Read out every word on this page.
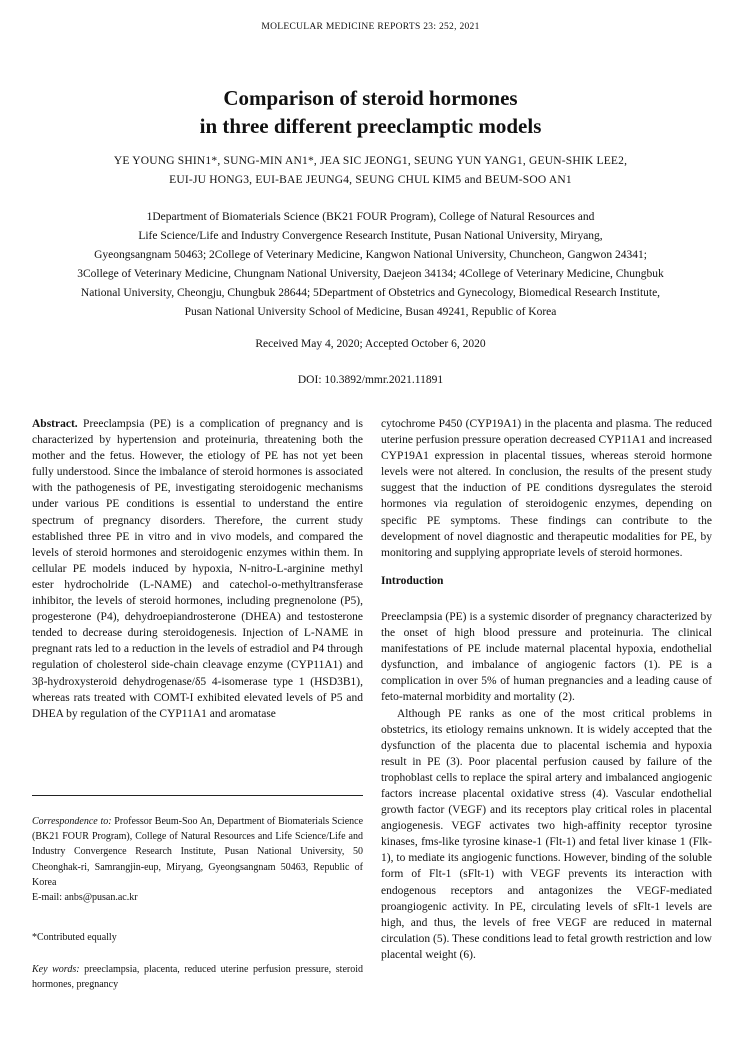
MOLECULAR MEDICINE REPORTS 23: 252, 2021
Comparison of steroid hormones
in three different preeclamptic models
YE YOUNG SHIN1*, SUNG-MIN AN1*, JEA SIC JEONG1, SEUNG YUN YANG1, GEUN-SHIK LEE2,
EUI-JU HONG3, EUI-BAE JEUNG4, SEUNG CHUL KIM5 and BEUM-SOO AN1
1Department of Biomaterials Science (BK21 FOUR Program), College of Natural Resources and
Life Science/Life and Industry Convergence Research Institute, Pusan National University, Miryang,
Gyeongsangnam 50463; 2College of Veterinary Medicine, Kangwon National University, Chuncheon, Gangwon 24341;
3College of Veterinary Medicine, Chungnam National University, Daejeon 34134; 4College of Veterinary Medicine, Chungbuk
National University, Cheongju, Chungbuk 28644; 5Department of Obstetrics and Gynecology, Biomedical Research Institute,
Pusan National University School of Medicine, Busan 49241, Republic of Korea
Received May 4, 2020; Accepted October 6, 2020
DOI: 10.3892/mmr.2021.11891

Abstract. Preeclampsia (PE) is a complication of pregnancy and is characterized by hypertension and proteinuria, threatening both the mother and the fetus. However, the etiology of PE has not yet been fully understood. Since the imbalance of steroid hormones is associated with the pathogenesis of PE, investigating steroidogenic mechanisms under various PE conditions is essential to understand the entire spectrum of pregnancy disorders. Therefore, the current study established three PE in vitro and in vivo models, and compared the levels of steroid hormones and steroidogenic enzymes within them. In cellular PE models induced by hypoxia, N-nitro-L-arginine methyl ester hydrocholride (L-NAME) and catechol-o-methyltransferase inhibitor, the levels of steroid hormones, including pregnenolone (P5), progesterone (P4), dehydroepiandrosterone (DHEA) and testosterone tended to decrease during steroidogenesis. Injection of L-NAME in pregnant rats led to a reduction in the levels of estradiol and P4 through regulation of cholesterol side-chain cleavage enzyme (CYP11A1) and 3β-hydroxysteroid dehydrogenase/δ5 4-isomerase type 1 (HSD3B1), whereas rats treated with COMT-I exhibited elevated levels of P5 and DHEA by regulation of the CYP11A1 and aromatase

cytochrome P450 (CYP19A1) in the placenta and plasma. The reduced uterine perfusion pressure operation decreased CYP11A1 and increased CYP19A1 expression in placental tissues, whereas steroid hormone levels were not altered. In conclusion, the results of the present study suggest that the induction of PE conditions dysregulates the steroid hormones via regulation of steroidogenic enzymes, depending on specific PE symptoms. These findings can contribute to the development of novel diagnostic and therapeutic modalities for PE, by monitoring and supplying appropriate levels of steroid hormones.

Introduction

Preeclampsia (PE) is a systemic disorder of pregnancy characterized by the onset of high blood pressure and proteinuria. The clinical manifestations of PE include maternal placental hypoxia, endothelial dysfunction, and imbalance of angiogenic factors (1). PE is a complication in over 5% of human pregnancies and a leading cause of feto-maternal morbidity and mortality (2).

Although PE ranks as one of the most critical problems in obstetrics, its etiology remains unknown. It is widely accepted that the dysfunction of the placenta due to placental ischemia and hypoxia result in PE (3). Poor placental perfusion caused by failure of the trophoblast cells to replace the spiral artery and imbalanced angiogenic factors increase placental oxidative stress (4). Vascular endothelial growth factor (VEGF) and its receptors play critical roles in placental angiogenesis. VEGF activates two high-affinity receptor tyrosine kinases, fms-like tyrosine kinase-1 (Flt-1) and fetal liver kinase 1 (Flk-1), to mediate its angiogenic functions. However, binding of the soluble form of Flt-1 (sFlt-1) with VEGF prevents its interaction with endogenous receptors and antagonizes the VEGF-mediated proangiogenic activity. In PE, circulating levels of sFlt-1 levels are high, and thus, the levels of free VEGF are reduced in maternal circulation (5). These conditions lead to fetal growth restriction and low placental weight (6).

Correspondence to: Professor Beum-Soo An, Department of Biomaterials Science (BK21 FOUR Program), College of Natural Resources and Life Science/Life and Industry Convergence Research Institute, Pusan National University, 50 Cheonghak-ri, Samrangjin-eup, Miryang, Gyeongsangnam 50463, Republic of Korea
E-mail: anbs@pusan.ac.kr
*Contributed equally
Key words: preeclampsia, placenta, reduced uterine perfusion pressure, steroid hormones, pregnancy
